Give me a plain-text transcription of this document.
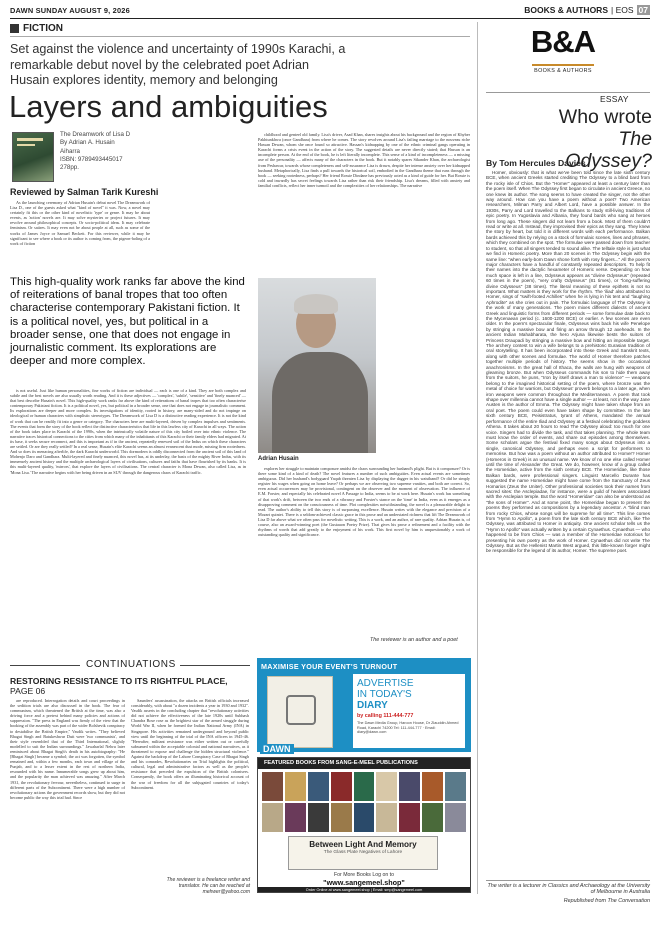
DAWN SUNDAY AUGUST 9, 2026	BOOKS & AUTHORS | EOS 07
FICTION
Set against the violence and uncertainty of 1990s Karachi, a remarkable debut novel by the celebrated poet Adrian Husain explores identity, memory and belonging
Layers and ambiguities
The Dreamwork of Lisa D
By Adrian A. Husain
Aiharra
ISBN: 9789493445017
278pp.
Reviewed by Salman Tarik Kureshi

As the launching ceremony of Adrian Husain's debut novel The Dreamwork of Lisa D., one of the guests asked what "kind of novel" it was. Now, a novel may certainly fit this or the other kind of novelistic 'type' or genre. It may be about events, as 'action' novels are. It may solve mysteries or project futures. It may revolve around philosophical concepts. Or socio-political ideas. It may celebrate feminism. Or satires. It may even not be about people at all, such as some of the works of James Joyce or Samuel Beckett. For this reviewer, while it may be significant to see where a book or its author is coming from, the pigeon-holing of a work of fiction

childhood and genteel old family. Lisa's driver, Asad Khan, shares insights about his background and the region of Khyber Pakhtunkhwa (once Gandhara) from where he comes. The story revolves around Lisa's failing marriage to the nouveau riche Hassan Dewan, whom she once found so attractive. Hassan's kidnapping by one of the ethnic criminal gangs operating in Karachi forms a crisis event in the action of the story. The suggested details are never directly stated; that Hassan is an incomplete person. At the end of the book, he is left literally incomplete. This sense of a kind of incompleteness — a missing axe of the personality — affects many of the characters in the book. But it notably spares Sikander Khan, the archaeologist from Peshawar, towards whose completeness and self-assurance Lisa is drawn, despite her intense anxiety over her kidnapped husband. Metaphorically, Lisa finds a pull towards the historical soil, embodied in the Gandhara theme that runs through the book — seeking rootedness, perhaps? Her friend Rossie Dindane has previously acted as a kind of guide for her. But Rossie is cold and inwardly has secret feelings towards Lisa rather than risk their friendship. Lisa's dreams, filled with anxiety and familial conflicts, reflect her inner turmoil and the complexities of her relationships. The narrative

This high-quality work ranks far above the kind of reiterations of banal tropes that too often characterise contemporary Pakistani fiction. It is a political novel, yes, but political in a broader sense, one that does not engage in journalistic comment. Its explorations are deeper and more complex.

is not useful. Just like human personalities, fine works of fiction are individual — each is one of a kind. They are both complex and subtle and the best novels are also usually worth reading. And it is these adjectives — 'complex', 'subtle', 'sensitive' and 'finely nuanced' — that best describe Husain's novel. This high-quality work ranks far above the kind of reiterations of banal tropes that too often characterise contemporary Pakistani fiction. It is a political novel, yes, but political in a broader sense, one that does not engage in journalistic comment. Its explorations are deeper and more complex. Its investigations of identity, rooted in history, are many-sided and do not impinge on ideological or human characters with simplistic stereotypes. The Dreamwork of Lisa D is a distinctive reading experience. It is not the kind of work that can be readily fit into a genre or category. The characters here are multi-layered, driven by complex impulses and sentiments. The events that form the story of the book reflect the distinctive characteristics that life in this lawless city of Karachi in all ways. The action of the book takes place in Karachi of the 1990s, when the intrinsically volatile nature of this city boiled over into ethnic violence. The narrative traces historical connections to the cities from which many of the inhabitants of this Karachi or their family elders had migrated. At its base, it seeks secure reconnect, and this is important as if in the ancient, repeatedly renewed soil of the Indus on which these characters are settled. Or are they really settled? In a real sense, Husain's elite Karachi seems an almost evanescent dust mode, missing firm rootedness. And so does its menacing afterlife, the dark Karachi underworld. This dormodern is oddly disconnected from the ancient soil of this land of Mohenjo Daro and Gandhara. Multi-layered and finely nuanced, this novel has, at its underlay, the basis of the mighty River Indus, with its immensely ancient history and the multiple archaeological layers of civilisations, cultures and faiths that have flourished by its banks. It is this multi-layered quality, 'mirrors', that explore the layers of civilisations. The central character is Mona Dewan, also called Lisa, as in 'Mona Lisa.' The narrative begins with her being driven in an SUV through the dangerous chaos of Karachi traffic.

Adrian Husain

explores her struggle to maintain composure amidst the chaos surrounding her husband's plight. But is it composure? Or is there some kind of a kind of death? The novel features a number of such ambiguities. Even actual events are sometimes ambiguous. Did her husband's bodyguard Yaqub threaten Lisa by displaying the dagger in his waistband? Or did he simply register his wages when going on home leave? Or perhaps we are observing two supreme vanities, and both are correct. So, even actual occurrences may be provisional, contingent on the observer and the moment of observation. The influence of E.M. Forster, and especially his celebrated novel A Passage to India, seems to be at work here. Husain's work has something of that work's drift, between the two ends of a vibrancy and Forster's stance on the 'time' in India, even as it emerges as a disapproving comment on the consciousness of time. Plot complexities notwithstanding, the novel is a pleasurable delight to read. The author's ability to tell this story is of surpassing excellence. Husain writes with the elegance and precision of a Mozart quintet. There is a seldom-achieved classic grace in this prose and an understated richness that lift The Dreamwork of Lisa D far above what we often pass for novelistic writing. This is a work, and an author, of rare quality. Adrian Husain is, of course, also an award-winning poet (the Gustaaon Poetry Prize). That gives his prose a refinement and a facility with the rhythms of words that add greatly to the enjoyment of his work. This first novel by him is unquestionably a work of outstanding quality and significance.

The reviewer is an author and a poet
CONTINUATIONS
RESTORING RESISTANCE TO ITS RIGHTFUL PLACE, PAGE 06

are reproduced. Interrogation details and court proceedings in the sedition trials are also discussed in the book. The fear of communism, which threatened the British at the time, was also a driving force and a pretext behind many policies and actions of suppression. "The press in England was firmly of the view that the booking of the assembly was part of the wider Bolshevik conspiracy to destabilise the British Empire," Vasdik writes. "They believed Bhagat Singh and Batukeshwar Dutt were 'two communists', and their style resembled that of the Third International, slightly modelled to suit the Indian surroundings." Jawaharlal Nehru later reminisced about Bhagat Singh's death in his autobiography: "He [Bhagat Singh] became a symbol; the act was forgotten, the symbol remained and, within a few months, each town and village of the Punjab, and to a lesser extent in the rest of northern India, resounded with his name. Innumerable songs grew up about him, and the popularity the man achieved was amazing." After March 1931, the revolutionary fervour, nevertheless, continued to surge in different parts of the Subcontinent. There were a high number of revolutionary actions the government records show, but they did not become public the way this trial had. Since

Saunders' assassination, the attacks on British officials increased considerably, with about "a dozen incidents a year in 1930 and 1932". Vasdik asserts in the concluding chapter that "revolutionary activities did not achieve the effectiveness of the late 1920s until Subhash Chandra Bose rose as the brightest star of the armed struggle during World War II, when he formed the Indian National Army (INA) in Singapore. His activities remained underground and beyond public view until the beginning of the trial of the INA officers in 1945-46. "Hereafter, militant resistance was either written out or carefully subsumed within the acceptable colonial and national narratives, as it threatened to expose and challenge the hidden structural violence." Against the backdrop of the Lahore Conspiracy Case of Bhagat Singh and his comrades, Revolutionaries on Trial highlights the political, cultural, legal and administrative factors as well as the people's resistance that preceded the expulsion of the British colonisers. Consequently, the book offers an illuminating historical account of the war of freedom for all the subjugated countries of today's Subcontinent.

The reviewer is a freelance writer and translator. He can be reached at mehwer@yahoo.com
MAXIMISE YOUR EVENT'S TURNOUT
ADVERTISE
IN TODAY'S
DIARY
by calling 111-444-777
The Dawn Media Group, Haroon House, Dr Ziauddin Ahmed Road, Karachi 74200 Tel: 111-444-777 · Email: diary@dawn.com
DAWN
FEATURED BOOKS FROM SANG-E-MEEL PUBLICATIONS
Between Light And Memory
The Glass Plate Negatives of Lahore
For More Books Log on to
"www.sangemeel.shop"
Order Online at www.sangemeel.shop | Email: smp@sangemeel.com
B&A
BOOKS & AUTHORS
ESSAY
Who wrote
The Odyssey?
By Tom Hercules Davies

Homer, obviously: that is what we've been told since the late sixth century BCE, when ancient Greeks started crediting The Odyssey to a blind bard from the rocky isle of Chios. But the "Homer" appeared at least a century later than the poem itself. When The Odyssey first began to circulate in ancient Greece, no one knew its author. The song seems to have created the singer, not the other way around. How can you have a poem without a poet? Two American researchers, Milman Parry and Albert Lord, have a possible answer. In the 1930s, Parry and Lord travelled to the Balkans to study still-living traditions of epic poetry. In Yugoslavia and Albania, they found bards who sang at heroes from long ago. These singers did not learn from a book. Most of them couldn't read or write at all. Instead, they improvised their epics as they sang. They knew the story by heart, but told it in different words with each performance. Balkan bards achieved this by relying on a stock of formulaic scenes, lines and phrases, which they combined on the spot. The formulae were passed down from teacher to student, so that all singers tended to sound alike. The telltale style is just what we find in Homeric poetry. More than 20 scenes in The Odyssey begin with the same line: "when early-born Dawn shone forth with rosy fingers..." All the poem's major characters have a handful of constantly repeated descriptors. To help fit their names into the dactylic hexameter of Homeric verse. Depending on how much space is left in a line, Odysseus appears as "divine Odysseus" (repeated 60 times in the poem), "very crafty Odysseus" (81 times), or "long-suffering divine Odysseus" (38 times). The literal meaning of these epithets is not so important. What matters is they work for the rhythm. The 'iliad' also attributed to Homer, sings of "swift-footed Achilles" when he is lying in his tent and "laughing Aphrodite" as she cries out in pain. The formulaic language of The Odyssey is the work of many generations. The poem mixes different dialects of ancient Greek and linguistic forms from different periods — some formulae date back to the Mycenaean period (c. 1600-1200 BCE) or earlier. A few scenes are even older. In the poem's spectacular finale, Odysseus wins back his wife Penelope by stringing a massive bow and firing an arrow through 12 axeheads. In the ancient Indian Mahabharata, the hero Arjuna likewise bests the suitors of Princess Draupadi by stringing a massive bow and hitting an impossible target. The archery contest to win a wife belongs to a prehistoric Eurasian tradition of oral storytelling. It has been incorporated into these Greek and Sanskrit texts, along with other scenes and formulae. The world of Homer therefore patches together multiple periods of history. The seems show in the occasional anachronisms. In the great hall of Ithaca, the walls are hung with weapons of gleaming bronze. But when Odysseus commands his son to hide them away from the suitors, he puns, "Iron by itself draws a man to violence" — weapons belong to the imagined historical setting of the poem, where bronze was the metal of choice for warriors, but Odysseus' proverb belongs to a later age, when iron weapons were common throughout the Mediterranean. A poem that took shape over millennia cannot have a single author — at least, not in the way Jane Austen is the author of Emma. The Odyssey might have taken shape from an oral poet. The poem could even have taken shape by committee. In the late sixth century BCE, Peisistratus, tyrant of Athens, mandated the annual performance of the entire Iliad and Odyssey at a festival celebrating the goddess Athena. It takes about 20 hours to read The Odyssey aloud: too much for one voice. Singers had to divide the task, and that takes planning. The whole team must know the order of events, and share out episodes among themselves. Some scholars argue the festival fixed many songs about Odysseus into a single, canonical Odyssey, and perhaps even a script for performers to memorise. But how was a poem without an author attributed to Homer? Homer (Homeros in Greek) is an unusual name. We know of no one else called Homer until the time of Alexander the Great. We do, however, know of a group called the Homeridae, active from the sixth century BCE. The Homeridae, like those Balkan bards, were professional singers. Linguist Marcello Durante has suggested the name Homeridae might have come from the Sanctuary of Zeus Homarios (Zeus the Uniter). Other professional societies took their names from sacred sites: the Asclepiadae, for instance, were a guild of healers associated with the Asclepian temple. But the word "Homeridae" can also be understood as "the sons of Homer". And at some point, the Homeridae began to present the poems they performed as compositions by a legendary ancestor. A "blind man from rocky Chios, whose songs will be supreme for all time". This line comes from "Hymn to Apollo", a poem from the late sixth century BCE which, like The Odyssey, was attributed to Homer in antiquity. One ancient scholar tells us the "Hymn to Apollo" was actually written by a certain Cynaethus. Cynaethus — who happened to be from Chios — was a member of the Homeridae notorious for presenting his own poetry as the work of Homer. Cynaethus did not write The Odyssey. But as the Hellenist Martin West argued, this little-known forger might be responsible for the legend of its author, Homer. The supreme poet.

The writer is a lecturer in Classics and Archaeology at the University of Melbourne in Australia
Republished from The Conversation
